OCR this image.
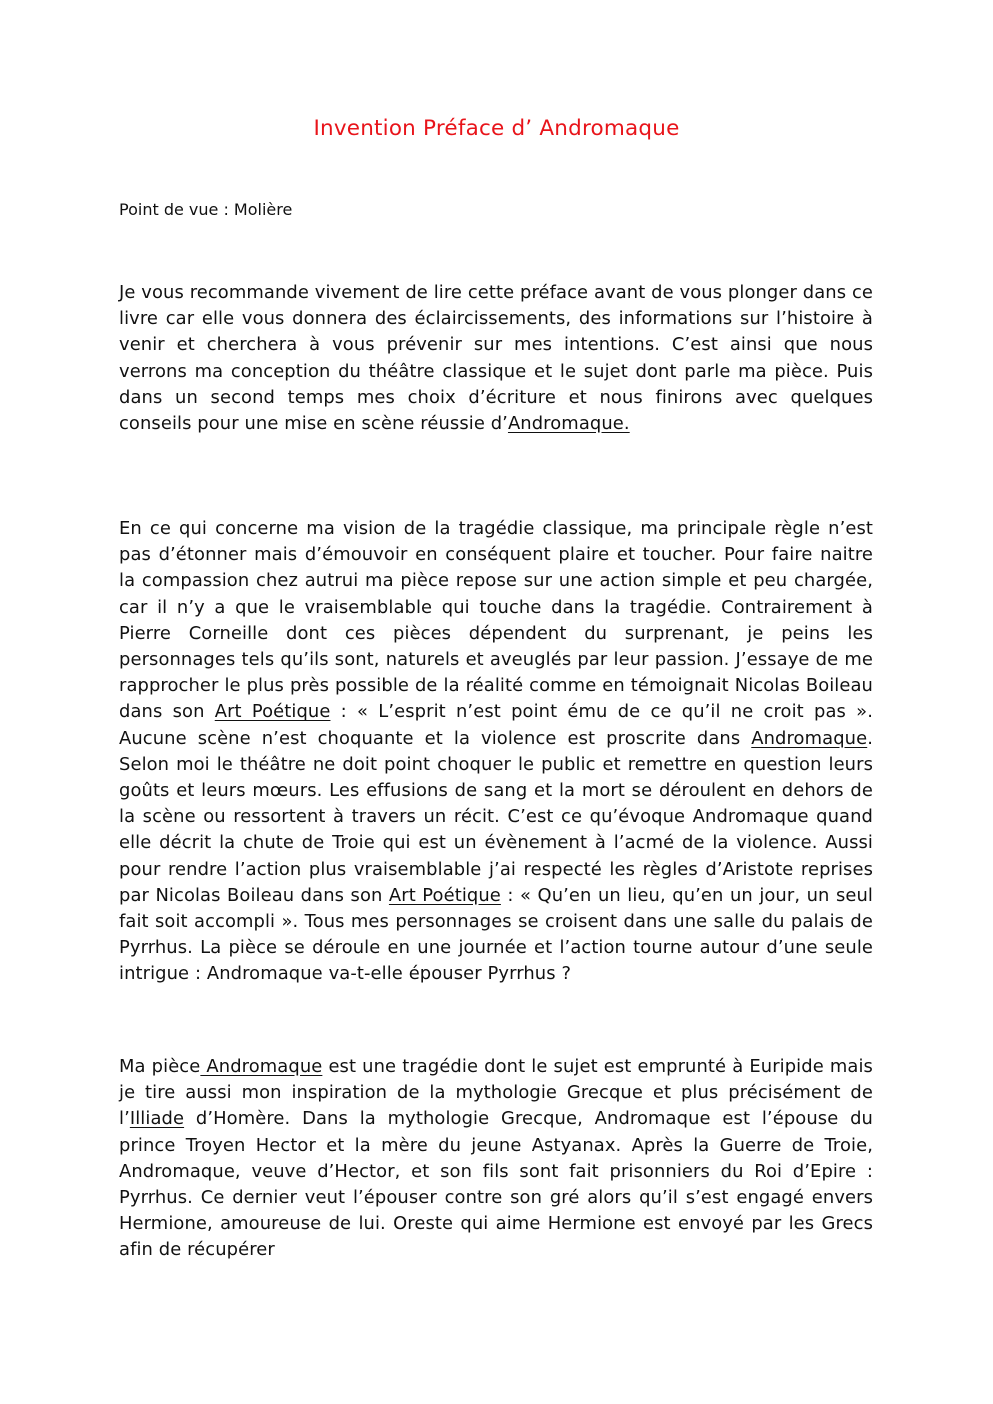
Invention Préface d’ Andromaque

Point de vue : Molière

Je vous recommande vivement de lire cette préface avant de vous plonger dans ce livre car elle vous donnera des éclaircissements, des informations sur l’histoire à venir et cherchera à vous prévenir sur mes intentions. C’est ainsi que nous verrons ma conception du théâtre classique et le sujet dont parle ma pièce. Puis dans un second temps mes choix d’écriture et nous finirons avec quelques conseils pour une mise en scène réussie d’Andromaque.

En ce qui concerne ma vision de la tragédie classique, ma principale règle n’est pas d’étonner mais d’émouvoir en conséquent plaire et toucher. Pour faire naitre la compassion chez autrui ma pièce repose sur une action simple et peu chargée, car il n’y a que le vraisemblable qui touche dans la tragédie. Contrairement à Pierre Corneille dont ces pièces dépendent du surprenant, je peins les personnages tels qu’ils sont, naturels et aveuglés par leur passion. J’essaye de me rapprocher le plus près possible de la réalité comme en témoignait Nicolas Boileau dans son Art Poétique : « L’esprit n’est point ému de ce qu’il ne croit pas ». Aucune scène n’est choquante et la violence est proscrite dans Andromaque. Selon moi le théâtre ne doit point choquer le public et remettre en question leurs goûts et leurs mœurs. Les effusions de sang et la mort se déroulent en dehors de la scène ou ressortent à travers un récit. C’est ce qu’évoque Andromaque quand elle décrit la chute de Troie qui est un évènement à l’acmé de la violence. Aussi pour rendre l’action plus vraisemblable j’ai respecté les règles d’Aristote reprises par Nicolas Boileau dans son Art Poétique : « Qu’en un lieu, qu’en un jour, un seul fait soit accompli ». Tous mes personnages se croisent dans une salle du palais de Pyrrhus. La pièce se déroule en une journée et l’action tourne autour d’une seule intrigue : Andromaque va-t-elle épouser Pyrrhus ?

Ma pièce Andromaque est une tragédie dont le sujet est emprunté à Euripide mais je tire aussi mon inspiration de la mythologie Grecque et plus précisément de l’Illiade d’Homère. Dans la mythologie Grecque, Andromaque est l’épouse du prince Troyen Hector et la mère du jeune Astyanax. Après la Guerre de Troie, Andromaque, veuve d’Hector, et son fils sont fait prisonniers du Roi d’Epire : Pyrrhus. Ce dernier veut l’épouser contre son gré alors qu’il s’est engagé envers Hermione, amoureuse de lui. Oreste qui aime Hermione est envoyé par les Grecs afin de récupérer
